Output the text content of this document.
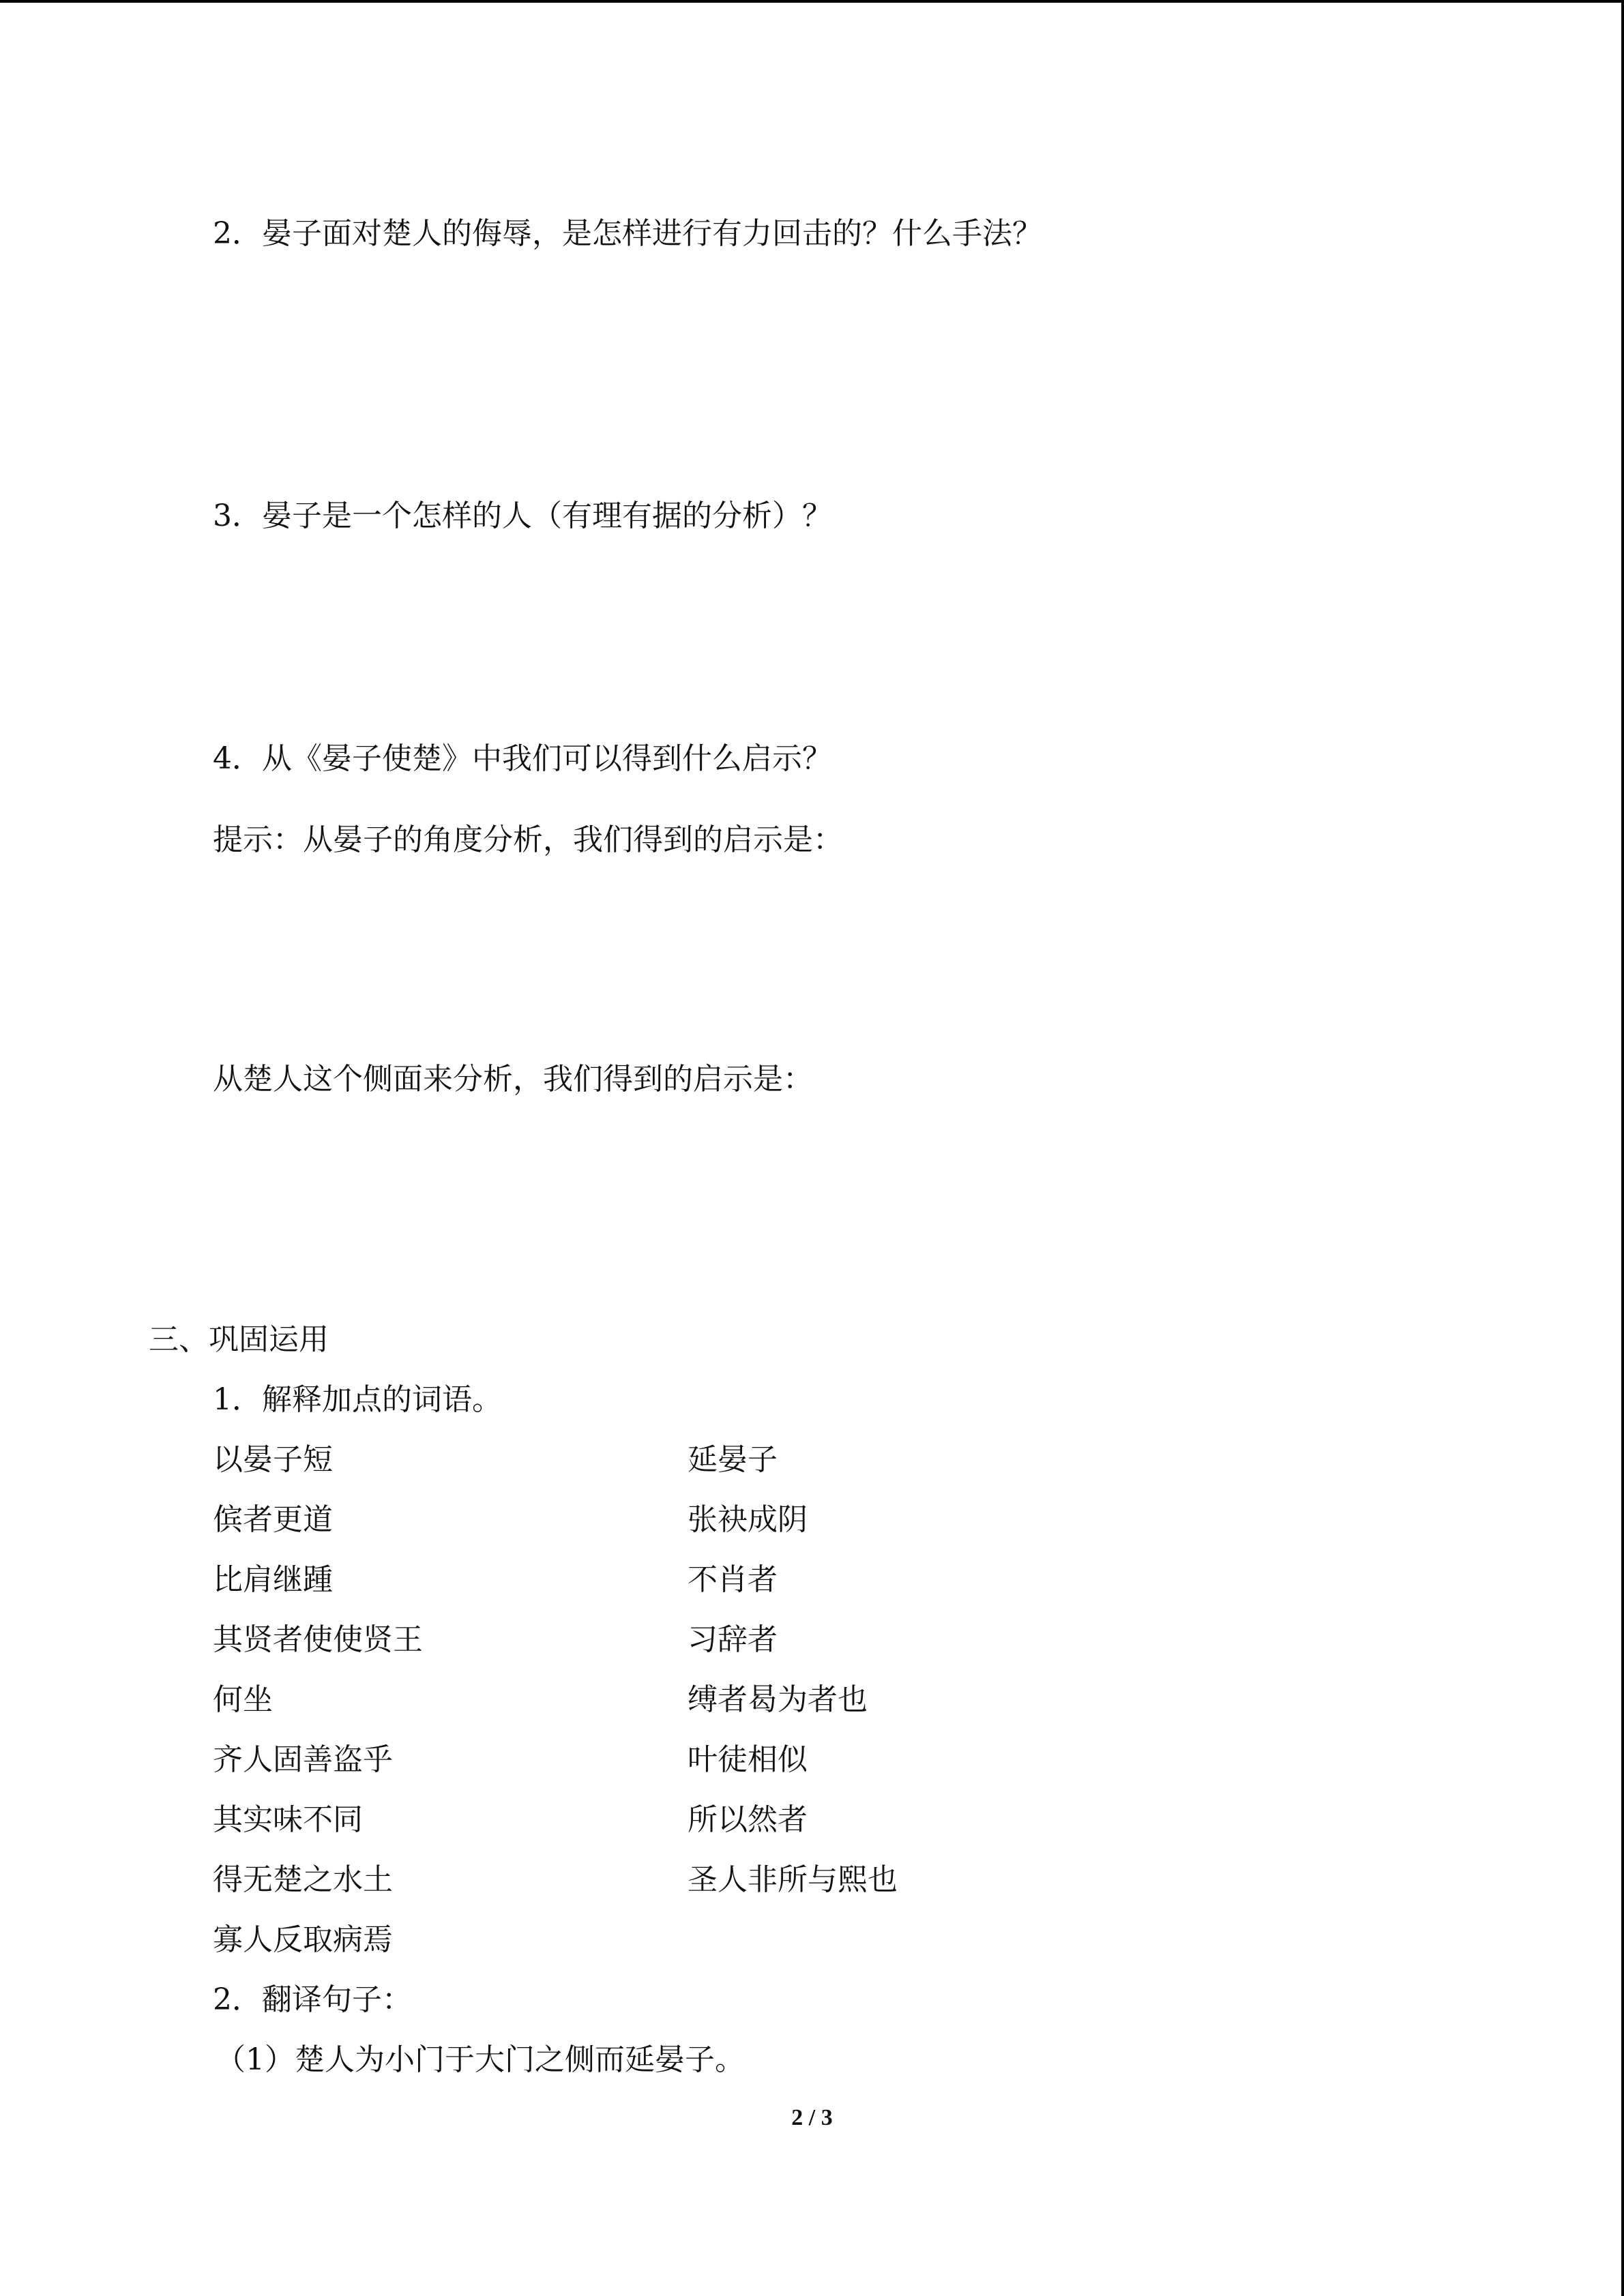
2．晏子面对楚人的侮辱，是怎样进行有力回击的？什么手法？
3．晏子是一个怎样的人（有理有据的分析）？
4．从《晏子使楚》中我们可以得到什么启示？
提示：从晏子的角度分析，我们得到的启示是：
从楚人这个侧面来分析，我们得到的启示是：
三、巩固运用
1．解释加点的词语。
以晏子短
傧者更道
比肩继踵
其贤者使使贤王
何坐
齐人固善盗乎
其实味不同
得无楚之水土
寡人反取病焉
延晏子
张袂成阴
不肖者
习辞者
缚者曷为者也
叶徒相似
所以然者
圣人非所与熙也
2．翻译句子：
（1）楚人为小门于大门之侧而延晏子。
2 / 3
